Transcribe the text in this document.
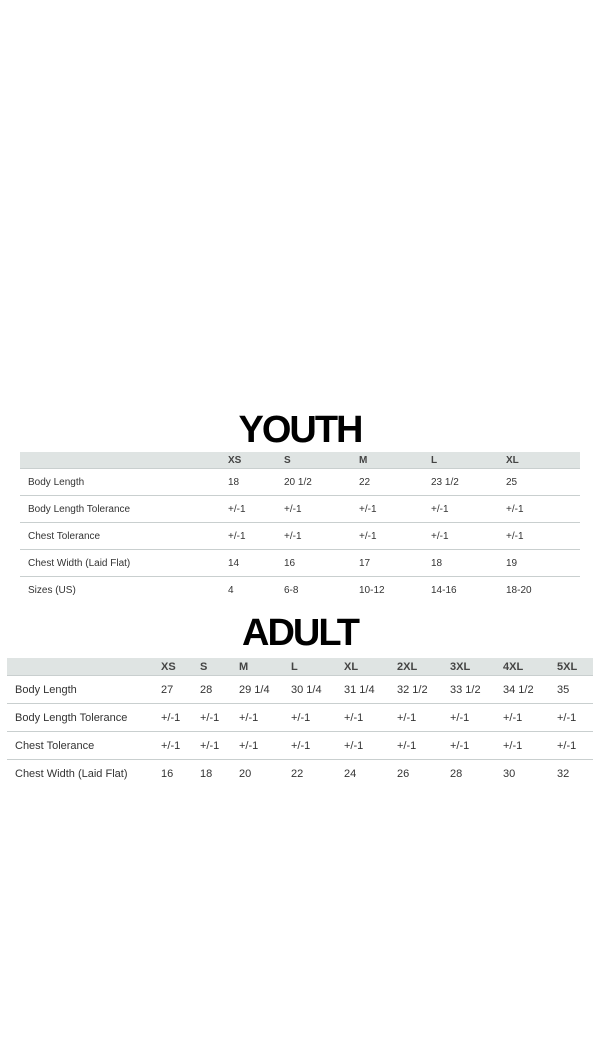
YOUTH
	XS	S	M	L	XL
Body Length	18	20 1/2	22	23 1/2	25
Body Length Tolerance	+/-1	+/-1	+/-1	+/-1	+/-1
Chest Tolerance	+/-1	+/-1	+/-1	+/-1	+/-1
Chest Width (Laid Flat)	14	16	17	18	19
Sizes (US)	4	6-8	10-12	14-16	18-20
ADULT
	XS	S	M	L	XL	2XL	3XL	4XL	5XL
Body Length	27	28	29 1/4	30 1/4	31 1/4	32 1/2	33 1/2	34 1/2	35
Body Length Tolerance	+/-1	+/-1	+/-1	+/-1	+/-1	+/-1	+/-1	+/-1	+/-1
Chest Tolerance	+/-1	+/-1	+/-1	+/-1	+/-1	+/-1	+/-1	+/-1	+/-1
Chest Width (Laid Flat)	16	18	20	22	24	26	28	30	32
